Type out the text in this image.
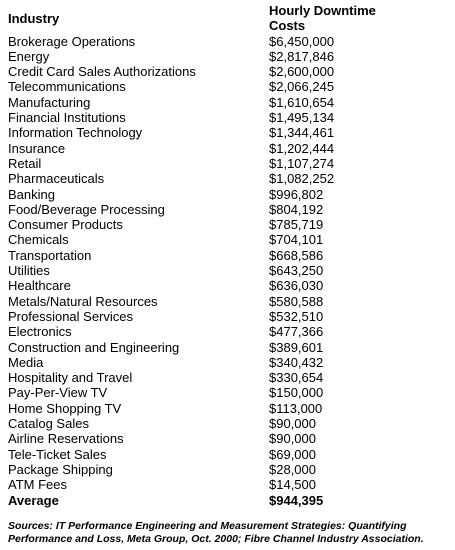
Industry	Hourly Downtime
Costs

Brokerage Operations	$6,450,000
Energy	$2,817,846
Credit Card Sales Authorizations	$2,600,000
Telecommunications	$2,066,245
Manufacturing	$1,610,654
Financial Institutions	$1,495,134
Information Technology	$1,344,461
Insurance	$1,202,444
Retail	$1,107,274
Pharmaceuticals	$1,082,252
Banking	$996,802
Food/Beverage Processing	$804,192
Consumer Products	$785,719
Chemicals	$704,101
Transportation	$668,586
Utilities	$643,250
Healthcare	$636,030
Metals/Natural Resources	$580,588
Professional Services	$532,510
Electronics	$477,366
Construction and Engineering	$389,601
Media	$340,432
Hospitality and Travel	$330,654
Pay-Per-View TV	$150,000
Home Shopping TV	$113,000
Catalog Sales	$90,000
Airline Reservations	$90,000
Tele-Ticket Sales	$69,000
Package Shipping	$28,000
ATM Fees	$14,500
Average	$944,395
Sources: IT Performance Engineering and Measurement Strategies: Quantifying Performance and Loss, Meta Group, Oct. 2000; Fibre Channel Industry Association.
